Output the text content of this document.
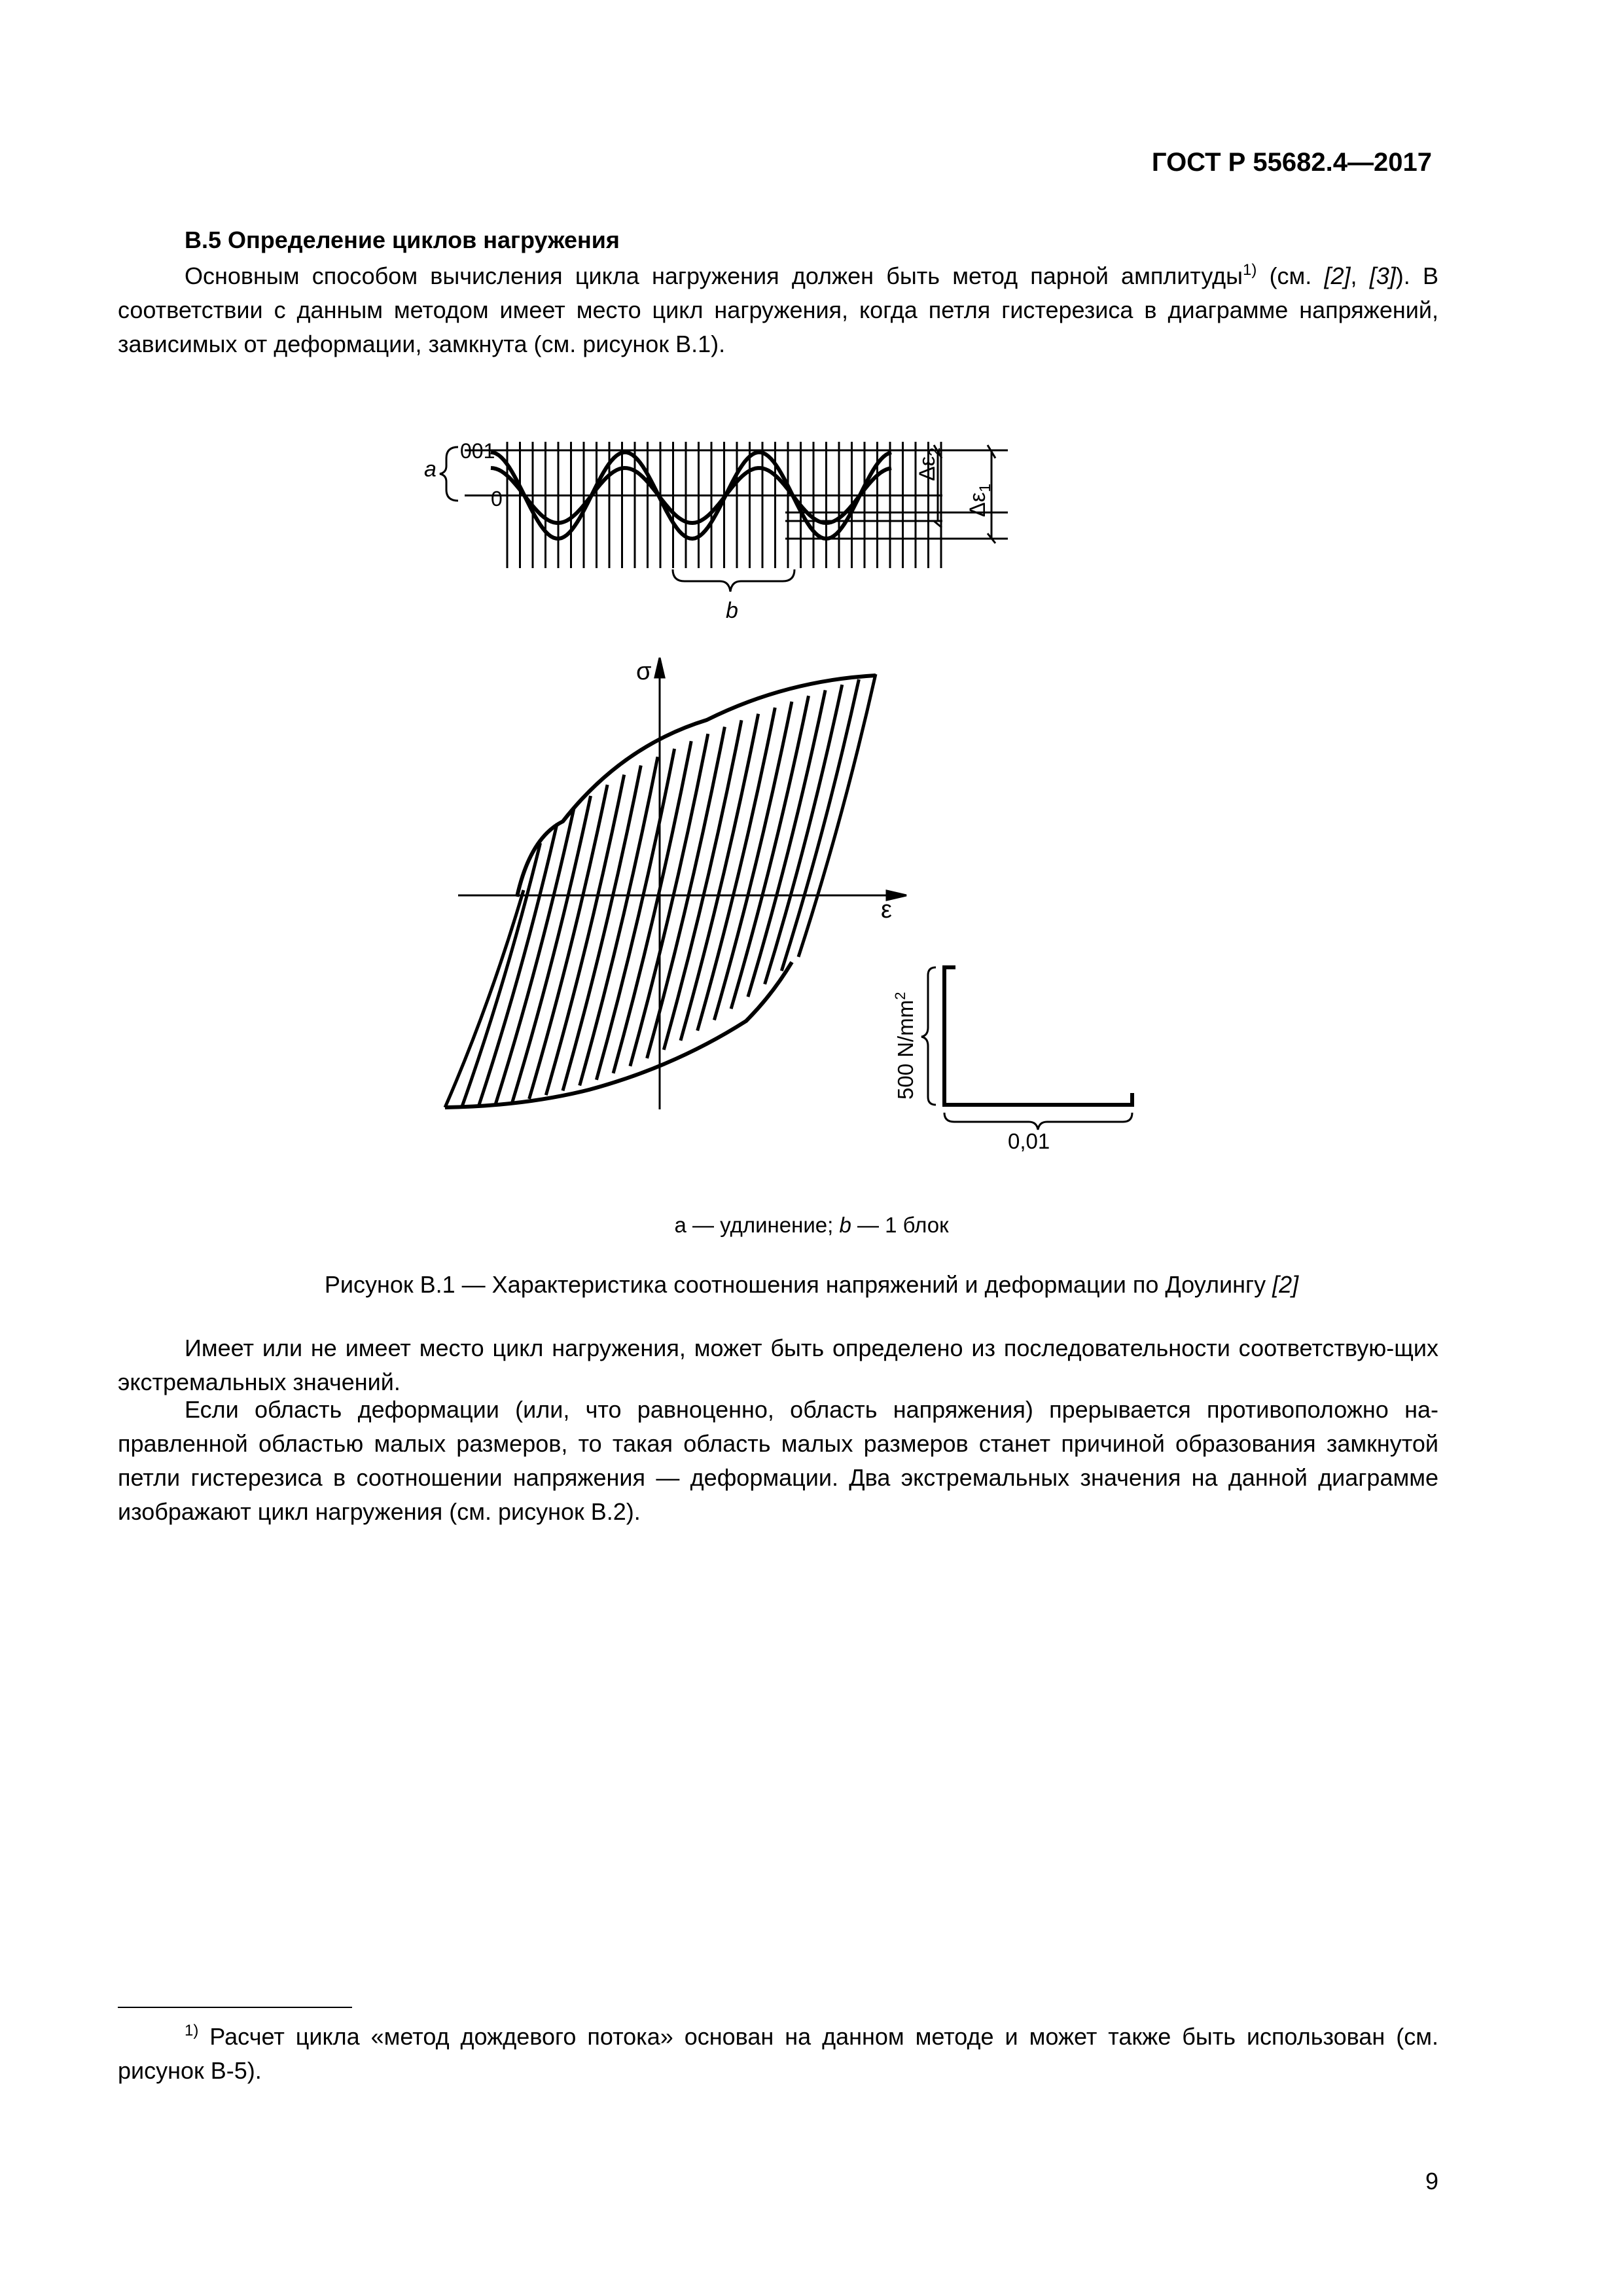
ГОСТ Р 55682.4—2017
B.5 Определение циклов нагружения
Основным способом вычисления цикла нагружения должен быть метод парной амплитуды$^{1)}$ (см. [2], [3]). В соответствии с данным методом имеет место цикл нагружения, когда петля гистерезиса в диаграмме напряжений, зависимых от деформации, замкнута (см. рисунок B.1).
$\Delta\varepsilon_2$
$\Delta\varepsilon_1$
a
001
0
b
σ
ε
500 $N/mm^2$
0,01
a — удлинение; b — 1 блок
Рисунок B.1 — Характеристика соотношения напряжений и деформации по Доулингу [2]
Имеет или не имеет место цикл нагружения, может быть определено из последовательности соответствую-щих экстремальных значений.
Если область деформации (или, что равноценно, область напряжения) прерывается противоположно на-правленной областью малых размеров, то такая область малых размеров станет причиной образования замкнутой петли гистерезиса в соотношении напряжения — деформации. Два экстремальных значения на данной диаграмме изображают цикл нагружения (см. рисунок B.2).
$^{1)}$ Расчет цикла «метод дождевого потока» основан на данном методе и может также быть использован (см. рисунок B-5).
9
